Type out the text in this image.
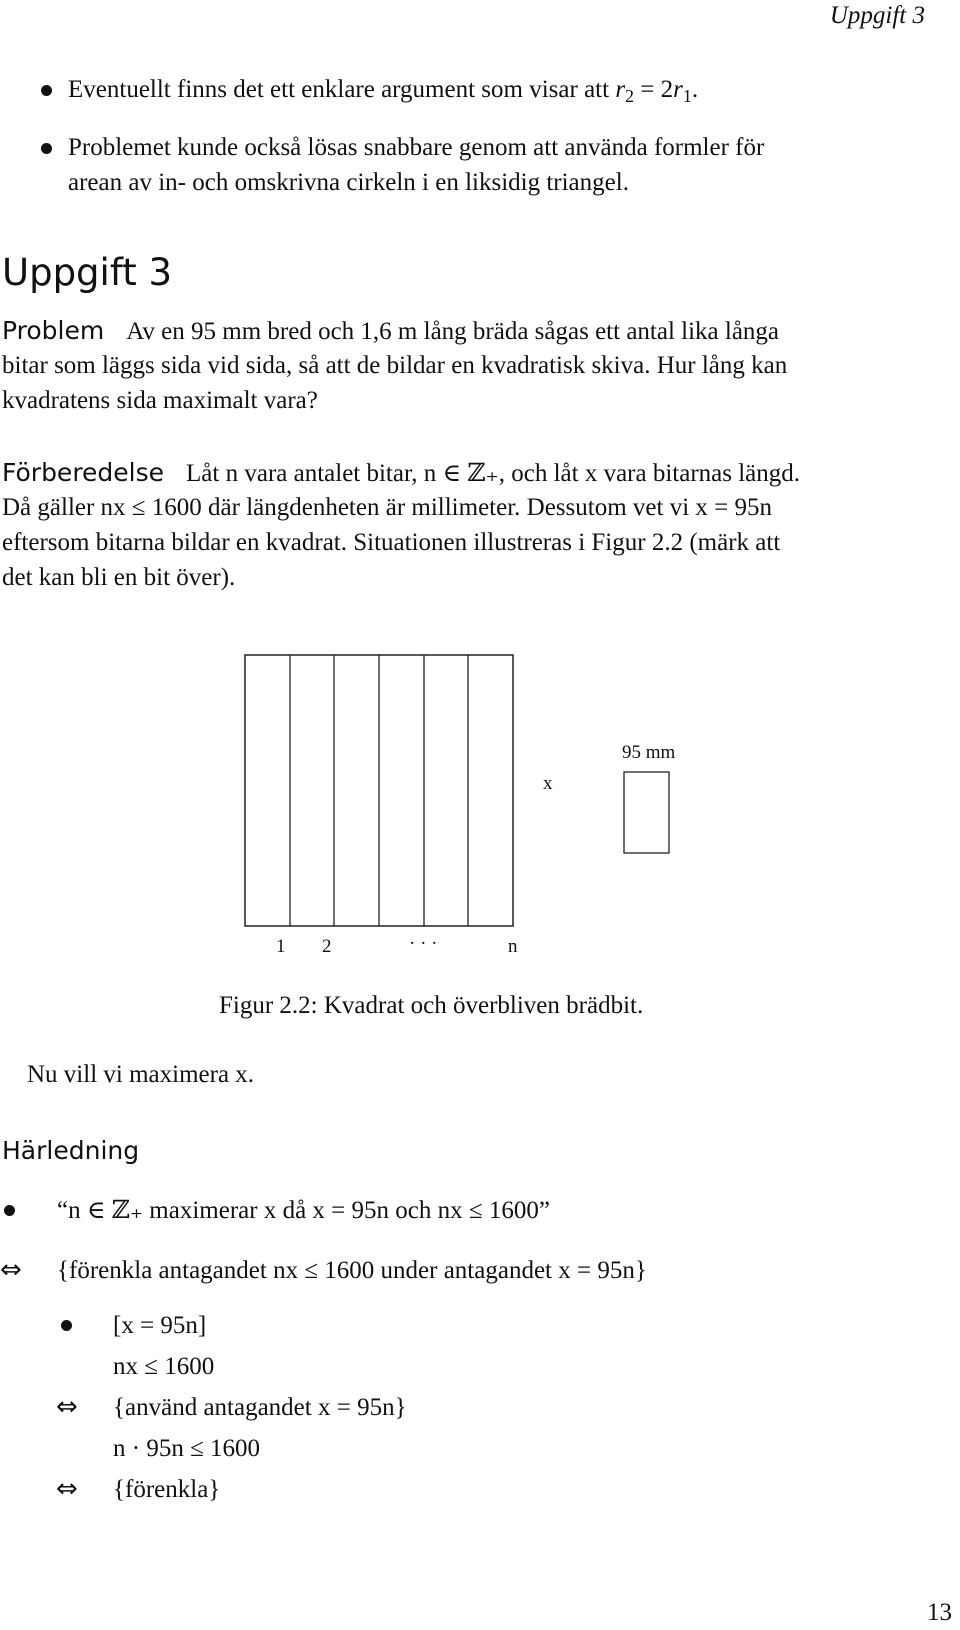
Uppgift 3
Eventuellt finns det ett enklare argument som visar att $r_2 = 2r_1$.
Problemet kunde också lösas snabbare genom att använda formler för
arean av in- och omskrivna cirkeln i en liksidig triangel.
Uppgift 3
Problem Av en 95 mm bred och 1,6 m lång bräda sågas ett antal lika långa
bitar som läggs sida vid sida, så att de bildar en kvadratisk skiva. Hur lång kan
kvadratens sida maximalt vara?
Förberedelse Låt n vara antalet bitar, n ∈ ℤ₊, och låt x vara bitarnas längd.
Då gäller nx ≤ 1600 där längdenheten är millimeter. Dessutom vet vi x = 95n
eftersom bitarna bildar en kvadrat. Situationen illustreras i Figur 2.2 (märk att
det kan bli en bit över).
x
95 mm
1 2	· · ·	n
Figur 2.2: Kvadrat och överbliven brädbit.
Nu vill vi maximera x.
Härledning
“n ∈ ℤ₊ maximerar x då x = 95n och nx ≤ 1600”
⇔ {förenkla antagandet nx ≤ 1600 under antagandet x = 95n}
[x = 95n]
nx ≤ 1600
⇔ {använd antagandet x = 95n}
n · 95n ≤ 1600
⇔ {förenkla}
13
